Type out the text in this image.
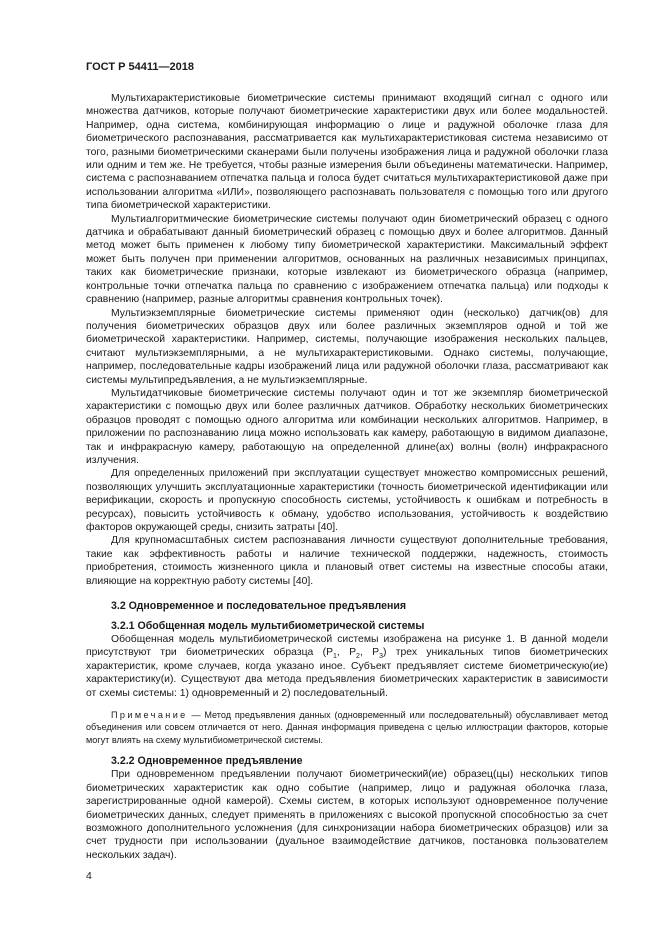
ГОСТ Р 54411—2018

Мультихарактеристиковые биометрические системы принимают входящий сигнал с одного или множества датчиков, которые получают биометрические характеристики двух или более модальностей. Например, одна система, комбинирующая информацию о лице и радужной оболочке глаза для биометрического распознавания, рассматривается как мультихарактеристиковая система независимо от того, разными биометрическими сканерами были получены изображения лица и радужной оболочки глаза или одним и тем же. Не требуется, чтобы разные измерения были объединены математически. Например, система с распознаванием отпечатка пальца и голоса будет считаться мультихарактеристиковой даже при использовании алгоритма «ИЛИ», позволяющего распознавать пользователя с помощью того или другого типа биометрической характеристики.

Мультиалгоритмические биометрические системы получают один биометрический образец с одного датчика и обрабатывают данный биометрический образец с помощью двух и более алгоритмов. Данный метод может быть применен к любому типу биометрической характеристики. Максимальный эффект может быть получен при применении алгоритмов, основанных на различных независимых принципах, таких как биометрические признаки, которые извлекают из биометрического образца (например, контрольные точки отпечатка пальца по сравнению с изображением отпечатка пальца) или подходы к сравнению (например, разные алгоритмы сравнения контрольных точек).

Мультиэкземплярные биометрические системы применяют один (несколько) датчик(ов) для получения биометрических образцов двух или более различных экземпляров одной и той же биометрической характеристики. Например, системы, получающие изображения нескольких пальцев, считают мультиэкземплярными, а не мультихарактеристиковыми. Однако системы, получающие, например, последовательные кадры изображений лица или радужной оболочки глаза, рассматривают как системы мультипредъявления, а не мультиэкземплярные.

Мультидатчиковые биометрические системы получают один и тот же экземпляр биометрической характеристики с помощью двух или более различных датчиков. Обработку нескольких биометрических образцов проводят с помощью одного алгоритма или комбинации нескольких алгоритмов. Например, в приложении по распознаванию лица можно использовать как камеру, работающую в видимом диапазоне, так и инфракрасную камеру, работающую на определенной длине(ах) волны (волн) инфракрасного излучения.

Для определенных приложений при эксплуатации существует множество компромиссных решений, позволяющих улучшить эксплуатационные характеристики (точность биометрической идентификации или верификации, скорость и пропускную способность системы, устойчивость к ошибкам и потребность в ресурсах), повысить устойчивость к обману, удобство использования, устойчивость к воздействию факторов окружающей среды, снизить затраты [40].

Для крупномасштабных систем распознавания личности существуют дополнительные требования, такие как эффективность работы и наличие технической поддержки, надежность, стоимость приобретения, стоимость жизненного цикла и плановый ответ системы на известные способы атаки, влияющие на корректную работу системы [40].

3.2 Одновременное и последовательное предъявления
3.2.1 Обобщенная модель мультибиометрической системы

Обобщенная модель мультибиометрической системы изображена на рисунке 1. В данной модели присутствуют три биометрических образца ($P_1$, $P_2$, $P_3$) трех уникальных типов биометрических характеристик, кроме случаев, когда указано иное. Субъект предъявляет системе биометрическую(ие) характеристику(и). Существуют два метода предъявления биометрических характеристик в зависимости от схемы системы: 1) одновременный и 2) последовательный.

Примечание — Метод предъявления данных (одновременный или последовательный) обуславливает метод объединения или совсем отличается от него. Данная информация приведена с целью иллюстрации факторов, которые могут влиять на схему мультибиометрической системы.

3.2.2 Одновременное предъявление

При одновременном предъявлении получают биометрический(ие) образец(цы) нескольких типов биометрических характеристик как одно событие (например, лицо и радужная оболочка глаза, зарегистрированные одной камерой). Схемы систем, в которых используют одновременное получение биометрических данных, следует применять в приложениях с высокой пропускной способностью за счет возможного дополнительного усложнения (для синхронизации набора биометрических образцов) или за счет трудности при использовании (дуальное взаимодействие датчиков, постановка пользователем нескольких задач).

4
